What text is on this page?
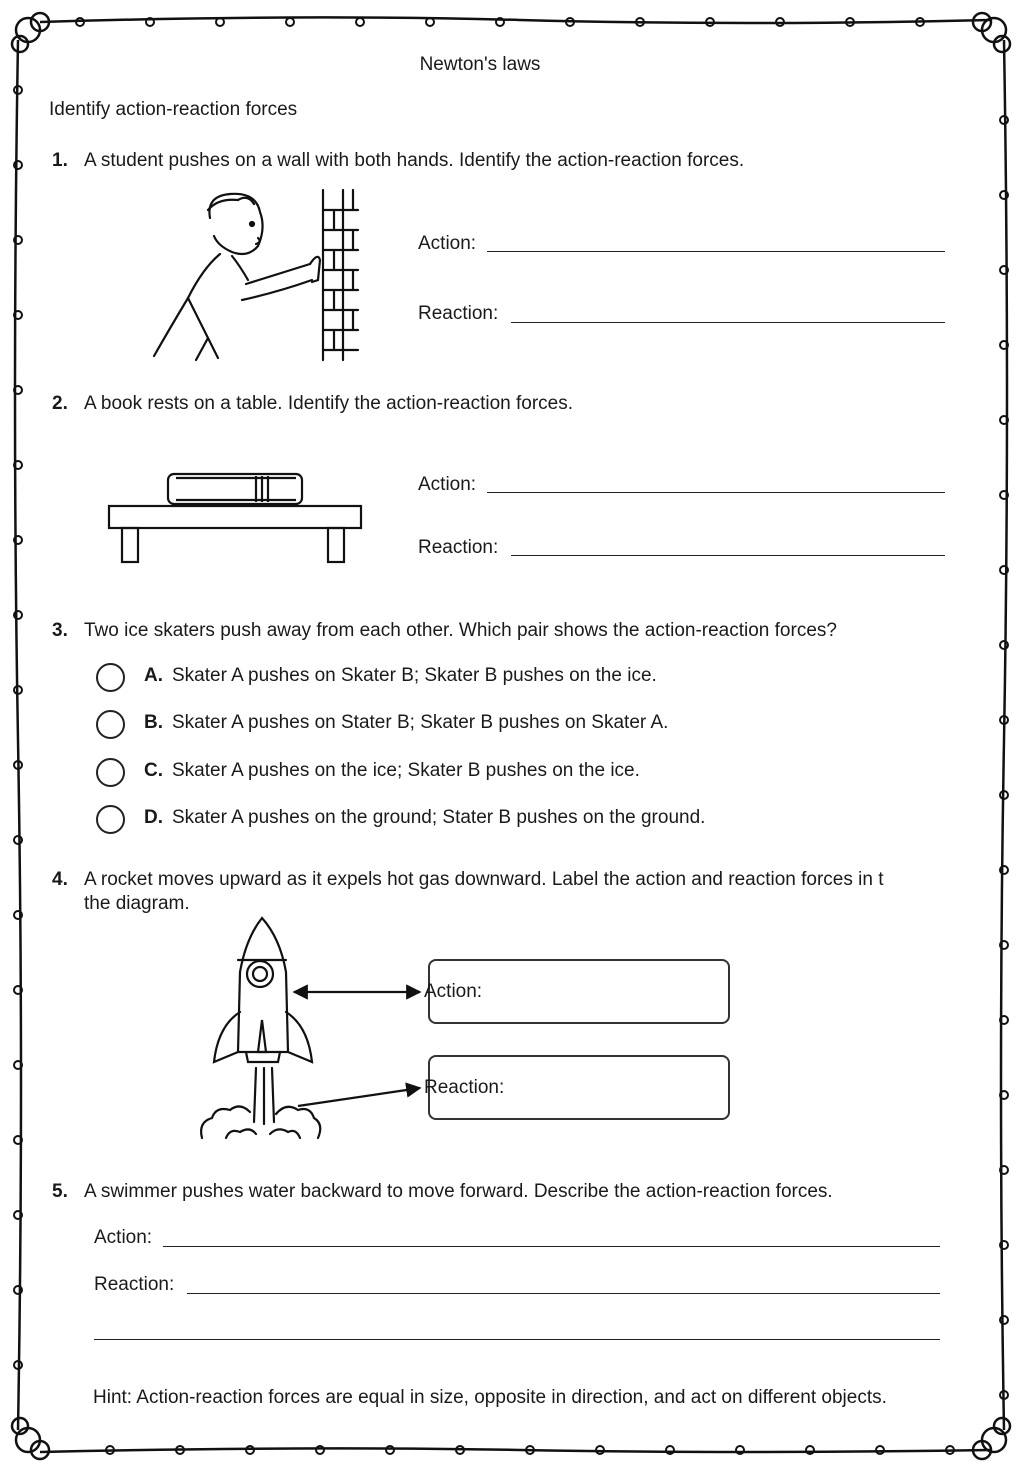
Newton's laws
Identify action-reaction forces
1. A student pushes on a wall with both hands. Identify the action-reaction forces.
Action:
Reaction:
2. A book rests on a table. Identify the action-reaction forces.
Action:
Reaction:
3. Two ice skaters push away from each other. Which pair shows the action-reaction forces?
A. Skater A pushes on Skater B; Skater B pushes on the ice.
B. Skater A pushes on Stater B; Skater B pushes on Skater A.
C. Skater A pushes on the ice; Skater B pushes on the ice.
D. Skater A pushes on the ground; Stater B pushes on the ground.
4. A rocket moves upward as it expels hot gas downward. Label the action and reaction forces in t
thе diagram.
Action:
Reaction:
5. A swimmer pushes water backward to move forward. Describe the action-reaction forces.
Action:
Reaction:
Hint: Action-reaction forces are equal in size, opposite in direction, and act on different objects.
